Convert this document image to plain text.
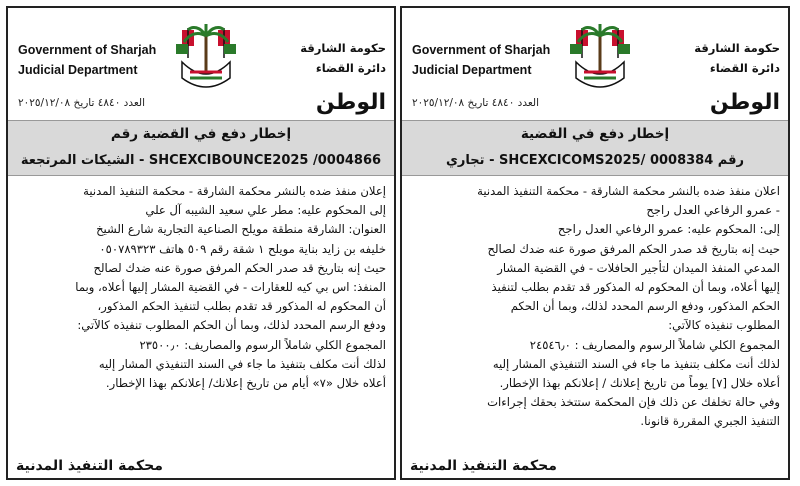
Government of Sharjah
Judicial Department
حكومة الشارقة
دائرة القضاء
الوطن
العدد ٤٨٤٠ تاريخ ٢٠٢٥/١٢/٠٨
إخطار دفع في القضية
رقم SHCEXCICOMS2025/ 0008384 - تجاري

اعلان منفذ ضده بالنشر محكمة الشارقة - محكمة التنفيذ المدنية

- عمرو الرفاعي العدل راجح

إلى: المحكوم عليه: عمرو الرفاعي العدل راجح

حيث إنه بتاريخ قد صدر الحكم المرفق صورة عنه ضدك لصالح

المدعي المنفذ الميدان لتأجير الحافلات - في القضية المشار

إليها أعلاه، وبما أن المحكوم له المذكور قد تقدم بطلب لتنفيذ

الحكم المذكور، ودفع الرسم المحدد لذلك، وبما أن الحكم

المطلوب تنفيذه كالآتي:

المجموع الكلي شاملاً الرسوم والمصاريف : ٢٤٥٤٦٫٠

لذلك أنت مكلف بتنفيذ ما جاء في السند التنفيذي المشار إليه

أعلاه خلال [٧] يوماً من تاريخ إعلانك / إعلانكم بهذا الإخطار.

وفي حالة تخلفك عن ذلك فإن المحكمة ستتخذ بحقك إجراءات

التنفيذ الجبري المقررة قانونا.

محكمة التنفيذ المدنية
Government of Sharjah
Judicial Department
حكومة الشارقة
دائرة القضاء
الوطن
العدد ٤٨٤٠ تاريخ ٢٠٢٥/١٢/٠٨
إخطار دفع في القضية رقم
SHCEXCIBOUNCE2025 /0004866 - الشيكات المرتجعة

إعلان منفذ ضده بالنشر محكمة الشارقة - محكمة التنفيذ المدنية

إلى المحكوم عليه: مطر علي سعيد الشيبه آل علي

العنوان: الشارقة منطقة مويلح الصناعية التجارية شارع الشيخ

خليفه بن زايد بناية مويلح ١ شقة رقم ٥٠٩ هاتف ٠٥٠٧٨٩٣٢٣

حيث إنه بتاريخ قد صدر الحكم المرفق صورة عنه ضدك لصالح

المنفذ: اس بي كيه للعقارات - في القضية المشار إليها أعلاه، وبما

أن المحكوم له المذكور قد تقدم بطلب لتنفيذ الحكم المذكور،

ودفع الرسم المحدد لذلك، وبما أن الحكم المطلوب تنفيذه كالآتي:

المجموع الكلي شاملاً الرسوم والمصاريف: ٢٣٥٠٠٫٠

لذلك أنت مكلف بتنفيذ ما جاء في السند التنفيذي المشار إليه

أعلاه خلال «٧» أيام من تاريخ إعلانك/ إعلانكم بهذا الإخطار.

محكمة التنفيذ المدنية
